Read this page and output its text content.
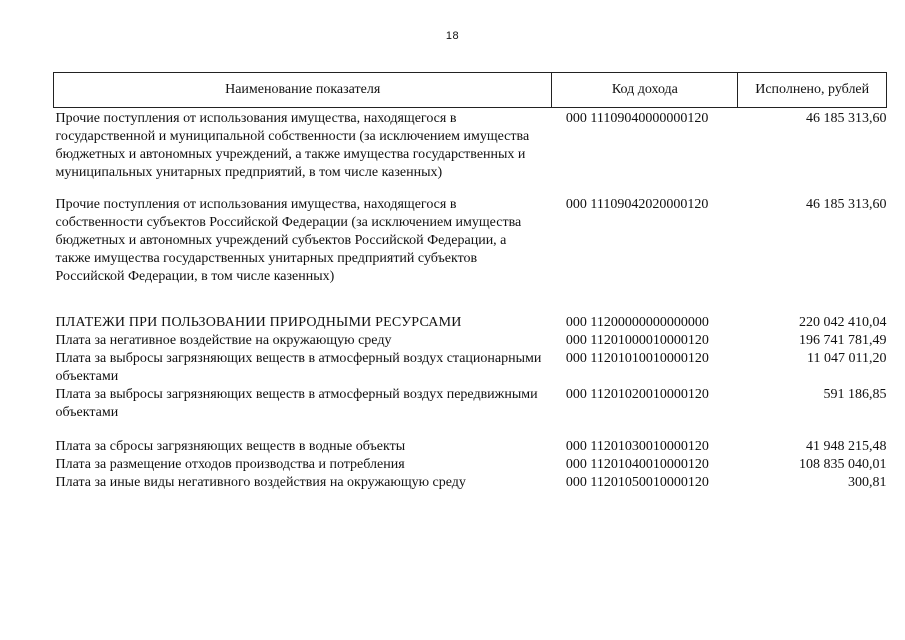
18
Наименование показателя	Код дохода	Исполнено, рублей
Прочие поступления от использования имущества, находящегося в государственной и муниципальной собственности (за исключением имущества бюджетных и автономных учреждений, а также имущества государственных и муниципальных унитарных предприятий, в том числе казенных)	000 11109040000000120	46 185 313,60
Прочие поступления от использования имущества, находящегося в собственности субъектов Российской Федерации (за исключением имущества бюджетных и автономных учреждений субъектов Российской Федерации, а также имущества государственных унитарных предприятий субъектов Российской Федерации, в том числе казенных)	000 11109042020000120	46 185 313,60
ПЛАТЕЖИ ПРИ ПОЛЬЗОВАНИИ ПРИРОДНЫМИ РЕСУРСАМИ	000 11200000000000000	220 042 410,04
Плата за негативное воздействие на окружающую среду	000 11201000010000120	196 741 781,49
Плата за выбросы загрязняющих веществ в атмосферный воздух стационарными объектами	000 11201010010000120	11 047 011,20
Плата за выбросы загрязняющих веществ в атмосферный воздух передвижными объектами	000 11201020010000120	591 186,85
Плата за сбросы загрязняющих веществ в водные объекты	000 11201030010000120	41 948 215,48
Плата за размещение отходов производства и потребления	000 11201040010000120	108 835 040,01
Плата за иные виды негативного воздействия на окружающую среду	000 11201050010000120	300,81
